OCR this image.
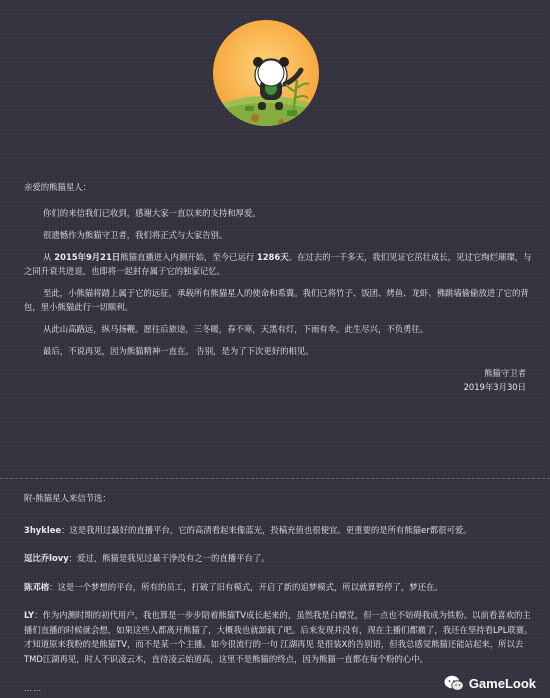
亲爱的熊猫星人：

你们的来信我们已收到，感谢大家一直以来的支持和厚爱。

很遗憾作为熊猫守卫者，我们将正式与大家告别。

从 2015年9月21日熊猫直播进入内测开始，至今已运行 1286天。在过去的一千多天，我们见证它茁壮成长，见过它绚烂璀璨，与之同升衰共进退，也即将一起封存属于它的独家记忆。

至此，小熊猫将踏上属于它的远征，承载所有熊猫星人的使命和希冀。我们已将竹子、饭团、烤鱼、龙虾、佛跳墙偷偷放进了它的背包，里小熊猫此行一切顺利。

从此山高路远，纵马扬鞭。愿往后旅途，三冬暖，春不寒，天黑有灯，下雨有伞。此生尽兴，不负勇往。

最后，不说再见，因为熊猫精神一直在。 告别，是为了下次更好的相见。

熊猫守卫者

2019年3月30日

附-熊猫星人来信节选：

3hyklee：这是我用过最好的直播平台，它的高清看起来像蓝光，投稿充值也很便宜。更重要的是所有熊猫er都很可爱。

逗比乔lovy：爱过，熊猫是我见过最干净没有之一的直播平台了。

陈邓榕：这是一个梦想的平台，所有的员工，打破了旧有模式，开启了新的追梦模式，所以就算暂停了，梦还在。

LY：作为内测时期的初代用户，我也算是一步步陪着熊猫TV成长起来的，虽然我是白嫖党，但一点也不妨碍我成为铁粉。以前看喜欢的主播们直播的时候就会想，如果这些人都离开熊猫了，大概我也就卸载了吧。后来发现并没有，现在主播们都撤了，我还在坚持看LPL联赛。才知道原来我粉的是熊猫TV，而不是某一个主播。如今很流行的一句 江湖再见 是很装X的告别语，但我总感觉熊猫还能站起来，所以去TMD江湖再见，时人不识凌云木，直待凌云始道高，这里不是熊猫的终点，因为熊猫一直都在每个粉的心中。

……	GameLook
